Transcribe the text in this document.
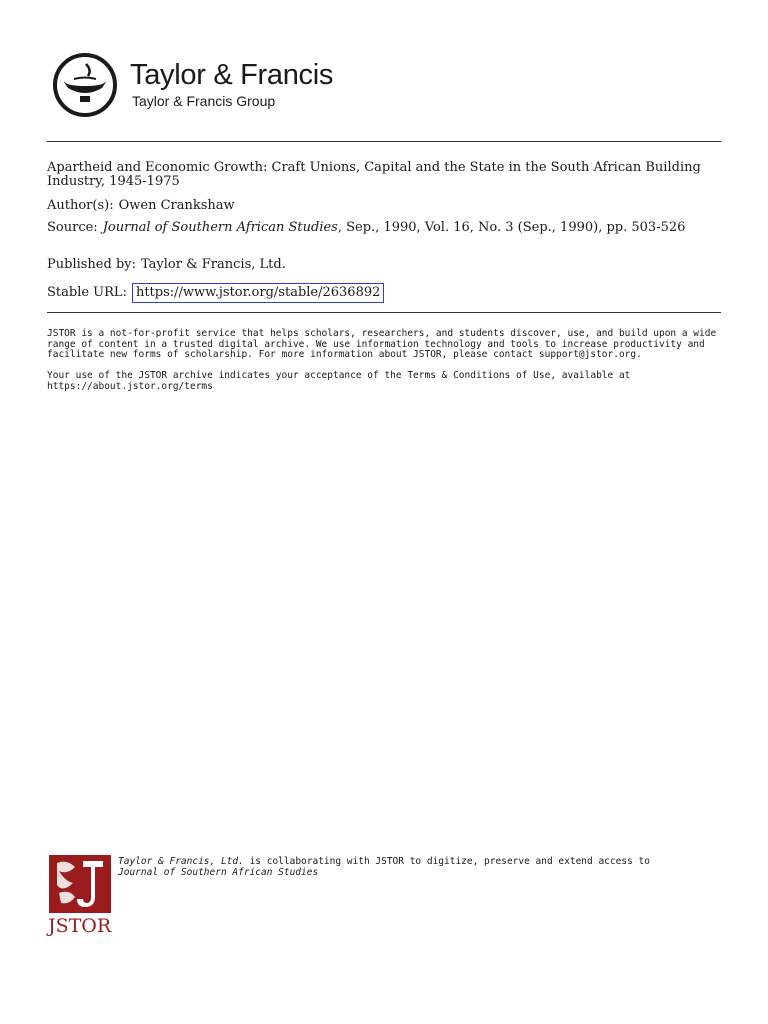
Taylor & Francis
Taylor & Francis Group
Apartheid and Economic Growth: Craft Unions, Capital and the State in the South African Building Industry, 1945-1975
Author(s): Owen Crankshaw
Source: Journal of Southern African Studies, Sep., 1990, Vol. 16, No. 3 (Sep., 1990), pp. 503-526
Published by: Taylor & Francis, Ltd.
Stable URL: https://www.jstor.org/stable/2636892
JSTOR is a not-for-profit service that helps scholars, researchers, and students discover, use, and build upon a wide range of content in a trusted digital archive. We use information technology and tools to increase productivity and facilitate new forms of scholarship. For more information about JSTOR, please contact support@jstor.org.
Your use of the JSTOR archive indicates your acceptance of the Terms & Conditions of Use, available at https://about.jstor.org/terms
JSTOR
Taylor & Francis, Ltd. is collaborating with JSTOR to digitize, preserve and extend access to
Journal of Southern African Studies
